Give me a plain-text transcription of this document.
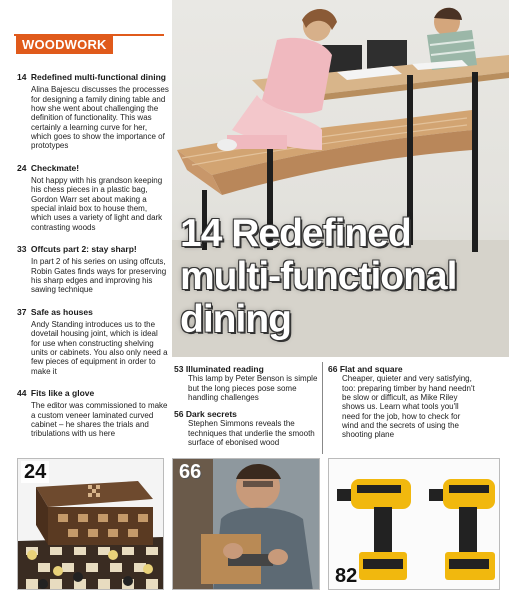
WOODWORK
14 Redefined multi-functional dining
Alina Bajescu discusses the processes for designing a family dining table and how she went about challenging the definition of functionality. This was certainly a learning curve for her, which goes to show the importance of prototypes
24 Checkmate!
Not happy with his grandson keeping his chess pieces in a plastic bag, Gordon Warr set about making a special inlaid box to house them, which uses a variety of light and dark contrasting woods
33 Offcuts part 2: stay sharp!
In part 2 of his series on using offcuts, Robin Gates finds ways for preserving his sharp edges and improving his sawing technique
37 Safe as houses
Andy Standing introduces us to the dovetail housing joint, which is ideal for use when constructing shelving units or cabinets. You also only need a few pieces of equipment in order to make it
44 Fits like a glove
The editor was commissioned to make a custom veneer laminated curved cabinet – he shares the trials and tribulations with us here
14 Redefined
multi-functional
dining
53 Illuminated reading
This lamp by Peter Benson is simple but the long pieces pose some handling challenges
56 Dark secrets
Stephen Simmons reveals the techniques that underlie the smooth surface of ebonised wood
66 Flat and square
Cheaper, quieter and very satisfying, too: preparing timber by hand needn't be slow or difficult, as Mike Riley shows us. Learn what tools you'll need for the job, how to check for wind and the secrets of using the shooting plane
24	66
82
